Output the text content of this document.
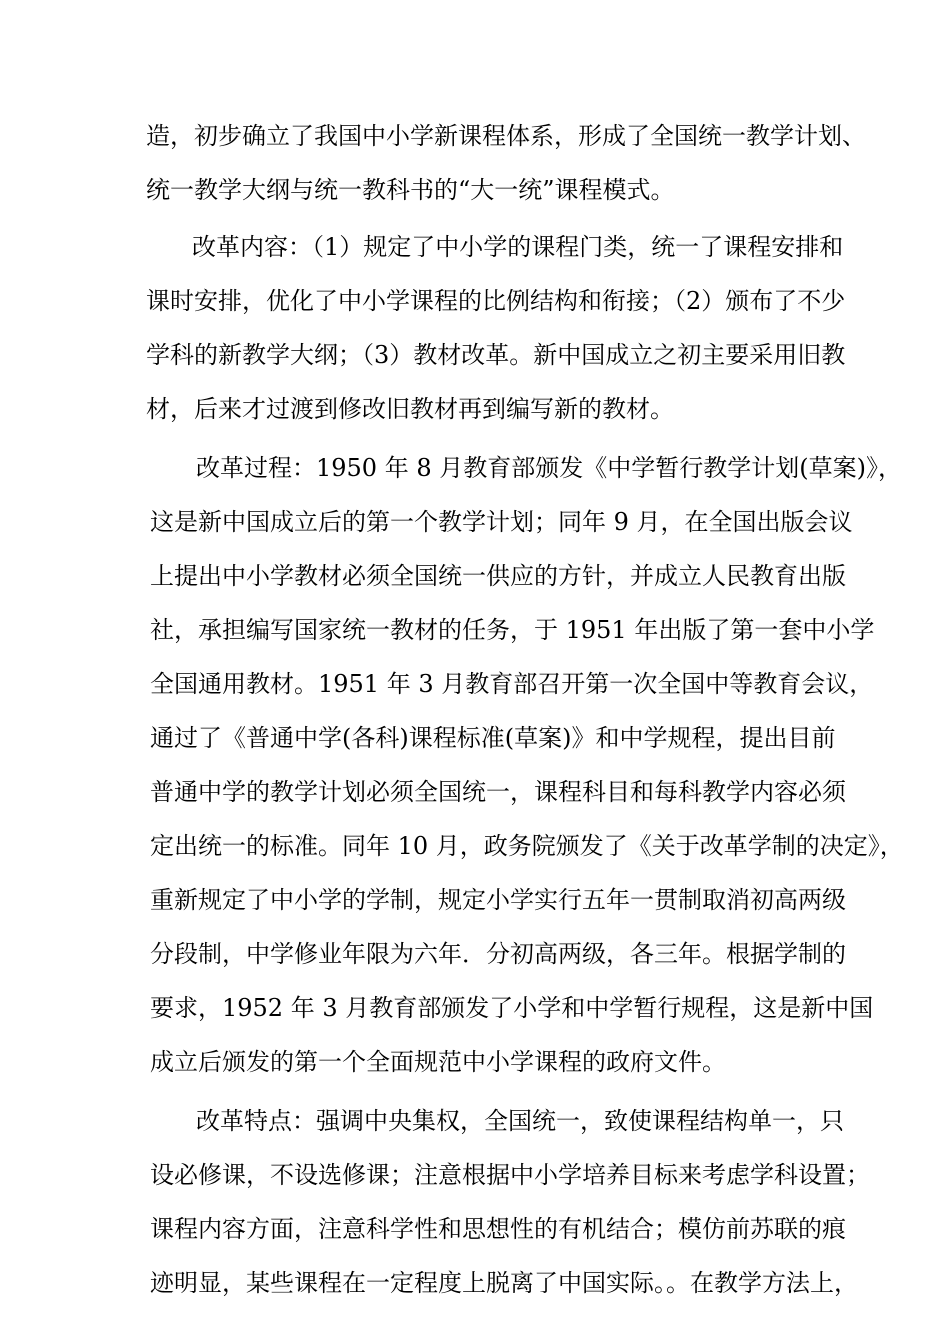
造，初步确立了我国中小学新课程体系，形成了全国统一教学计划、
统一教学大纲与统一教科书的“大一统”课程模式。
改革内容：（1）规定了中小学的课程门类，统一了课程安排和
课时安排，优化了中小学课程的比例结构和衔接；（2）颁布了不少
学科的新教学大纲；（3）教材改革。新中国成立之初主要采用旧教
材，后来才过渡到修改旧教材再到编写新的教材。
改革过程：1950 年 8 月教育部颁发《中学暂行教学计划(草案)》，
这是新中国成立后的第一个教学计划；同年 9 月，在全国出版会议
上提出中小学教材必须全国统一供应的方针，并成立人民教育出版
社，承担编写国家统一教材的任务，于 1951 年出版了第一套中小学
全国通用教材。1951 年 3 月教育部召开第一次全国中等教育会议，
通过了《普通中学(各科)课程标准(草案)》和中学规程，提出目前
普通中学的教学计划必须全国统一，课程科目和每科教学内容必须
定出统一的标准。同年 10 月，政务院颁发了《关于改革学制的决定》，
重新规定了中小学的学制，规定小学实行五年一贯制取消初高两级
分段制，中学修业年限为六年．分初高两级，各三年。根据学制的
要求，1952 年 3 月教育部颁发了小学和中学暂行规程，这是新中国
成立后颁发的第一个全面规范中小学课程的政府文件。
改革特点：强调中央集权，全国统一，致使课程结构单一，只
设必修课，不设选修课；注意根据中小学培养目标来考虑学科设置；
课程内容方面，注意科学性和思想性的有机结合；模仿前苏联的痕
迹明显，某些课程在一定程度上脱离了中国实际。。在教学方法上，
